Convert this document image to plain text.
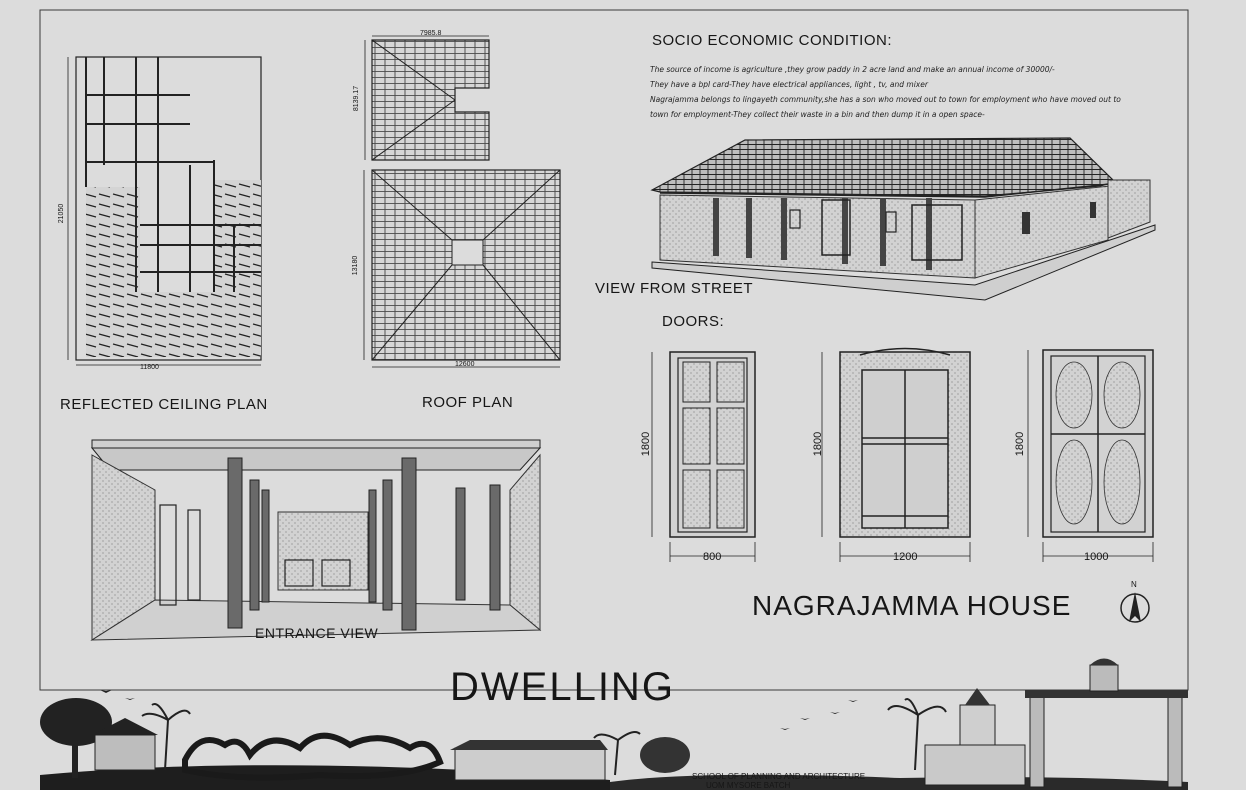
SOCIO ECONOMIC CONDITION:
The source of income is agriculture ,they grow paddy in 2 acre land and make an annual income of 30000/-
They have a bpl card-They have electrical appliances, light , tv, and mixer
Nagrajamma belongs to lingayeth community,she has a son who moved out to town for employment who have moved out to
town for employment-They collect their waste in a bin and then dump it in a open space-
11800
21050
REFLECTED CEILING PLAN
7985.8
8139.17
13180
12600
ROOF PLAN
VIEW FROM STREET
DOORS:
1800
800
1800
1200
1800
1000
ENTRANCE VIEW
NAGRAJAMMA HOUSE
N
DWELLING
SCHOOL OF PLANNING AND ARCHITECTURE
UOM MYSORE BATCH
